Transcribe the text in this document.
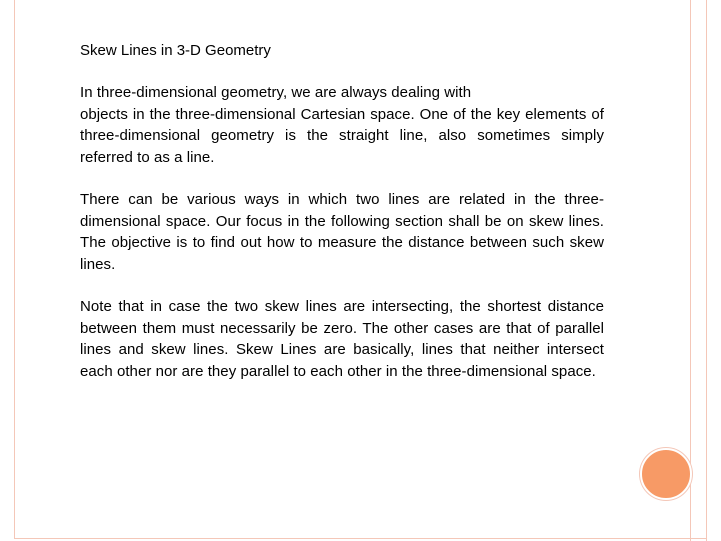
Skew Lines in 3-D Geometry

In three-dimensional geometry, we are always dealing with
objects in the three-dimensional Cartesian space. One of the key elements of three-dimensional geometry is the straight line, also sometimes simply referred to as a line.

There can be various ways in which two lines are related in the three-dimensional space. Our focus in the following section shall be on skew lines. The objective is to find out how to measure the distance between such skew lines.

Note that in case the two skew lines are intersecting, the shortest distance between them must necessarily be zero. The other cases are that of parallel lines and skew lines. Skew Lines are basically, lines that neither intersect each other nor are they parallel to each other in the three-dimensional space.
